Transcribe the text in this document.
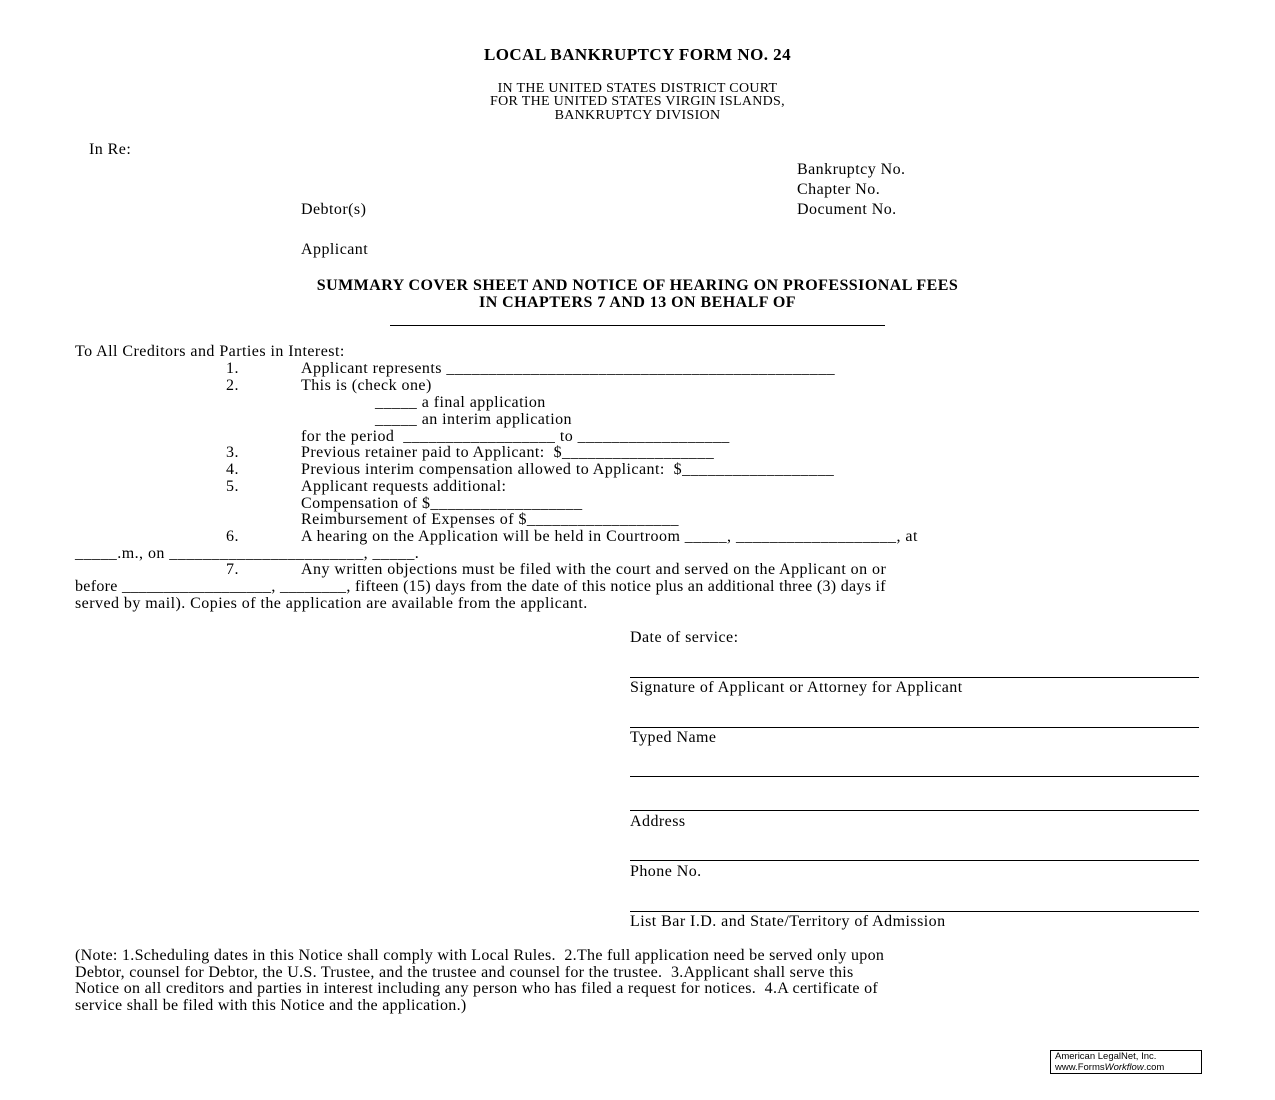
LOCAL BANKRUPTCY FORM NO. 24
IN THE UNITED STATES DISTRICT COURT
FOR THE UNITED STATES VIRGIN ISLANDS,
BANKRUPTCY DIVISION
In Re:
Bankruptcy No.
Chapter No.
Debtor(s)	Document No.
Applicant
SUMMARY COVER SHEET AND NOTICE OF HEARING ON PROFESSIONAL FEES
IN CHAPTERS 7 AND 13 ON BEHALF OF
To All Creditors and Parties in Interest:
1.	Applicant represents ______________________________________________
2.	This is (check one)
_____ a final application
_____ an interim application
for the period  __________________ to __________________
3.	Previous retainer paid to Applicant:  $__________________
4.	Previous interim compensation allowed to Applicant:  $__________________
5.	Applicant requests additional:
Compensation of $__________________
Reimbursement of Expenses of $__________________
6.	A hearing on the Application will be held in Courtroom _____, ___________________, at
_____.m., on _______________________, _____.
7.	Any written objections must be filed with the court and served on the Applicant on or
before __________________, ________, fifteen (15) days from the date of this notice plus an additional three (3) days if
served by mail). Copies of the application are available from the applicant.
Date of service:
Signature of Applicant or Attorney for Applicant
Typed Name
Address
Phone No.
List Bar I.D. and State/Territory of Admission
(Note: 1.Scheduling dates in this Notice shall comply with Local Rules.  2.The full application need be served only upon
Debtor, counsel for Debtor, the U.S. Trustee, and the trustee and counsel for the trustee.  3.Applicant shall serve this
Notice on all creditors and parties in interest including any person who has filed a request for notices.  4.A certificate of
service shall be filed with this Notice and the application.)
American LegalNet, Inc.
www.FormsWorkflow.com
